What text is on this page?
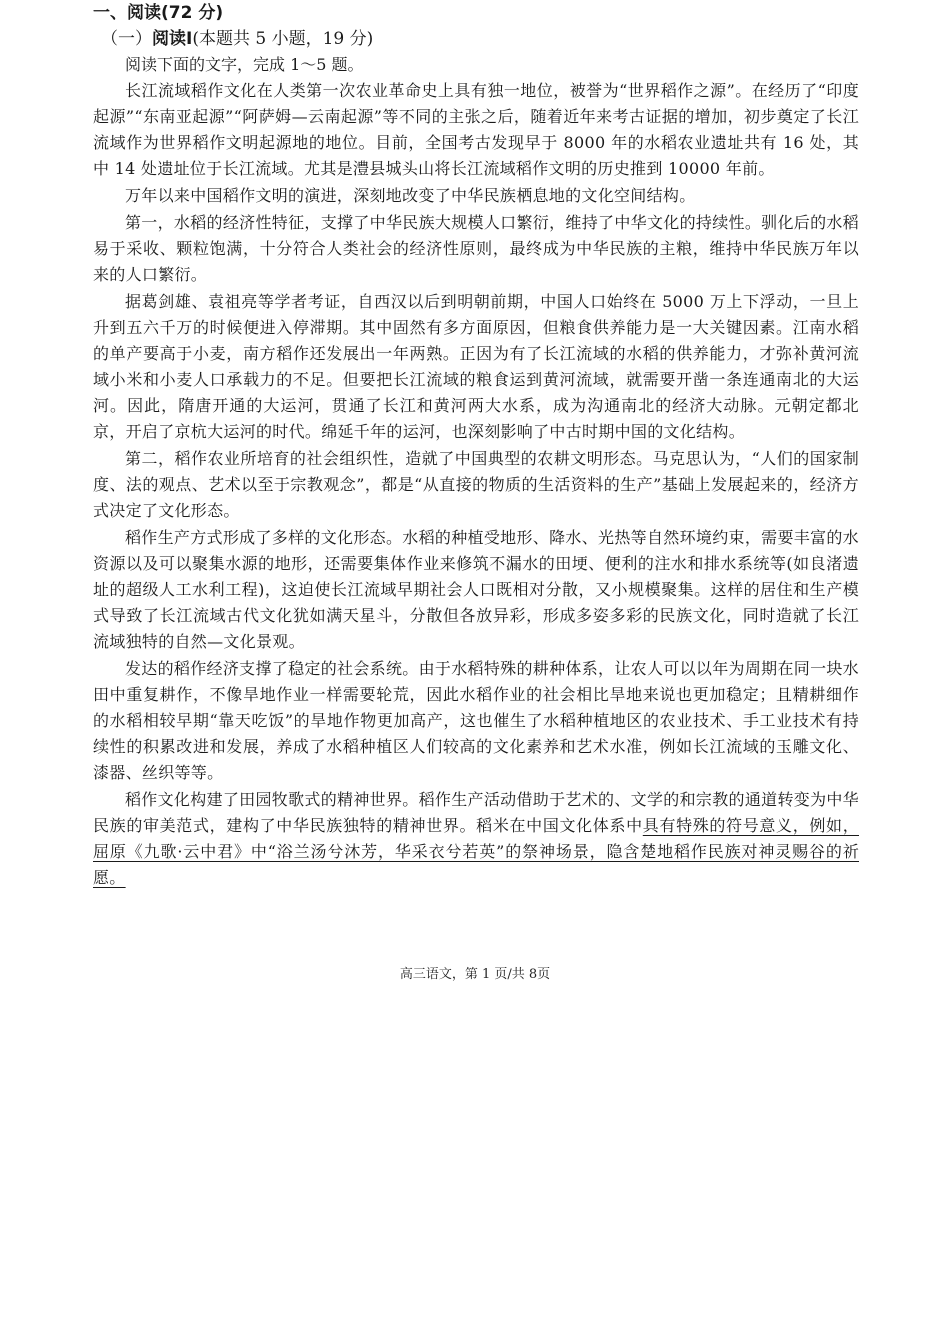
一、阅读(72 分)

（一）阅读Ⅰ(本题共 5 小题，19 分)

阅读下面的文字，完成 1～5 题。

长江流域稻作文化在人类第一次农业革命史上具有独一地位，被誉为“世界稻作之源”。在经历了“印度起源”“东南亚起源”“阿萨姆—云南起源”等不同的主张之后，随着近年来考古证据的增加，初步奠定了长江流域作为世界稻作文明起源地的地位。目前，全国考古发现早于 8000 年的水稻农业遗址共有 16 处，其中 14 处遗址位于长江流域。尤其是澧县城头山将长江流域稻作文明的历史推到 10000 年前。

万年以来中国稻作文明的演进，深刻地改变了中华民族栖息地的文化空间结构。

第一，水稻的经济性特征，支撑了中华民族大规模人口繁衍，维持了中华文化的持续性。驯化后的水稻易于采收、颗粒饱满，十分符合人类社会的经济性原则，最终成为中华民族的主粮，维持中华民族万年以来的人口繁衍。

据葛剑雄、袁祖亮等学者考证，自西汉以后到明朝前期，中国人口始终在 5000 万上下浮动，一旦上升到五六千万的时候便进入停滞期。其中固然有多方面原因，但粮食供养能力是一大关键因素。江南水稻的单产要高于小麦，南方稻作还发展出一年两熟。正因为有了长江流域的水稻的供养能力，才弥补黄河流域小米和小麦人口承载力的不足。但要把长江流域的粮食运到黄河流域，就需要开凿一条连通南北的大运河。因此，隋唐开通的大运河，贯通了长江和黄河两大水系，成为沟通南北的经济大动脉。元朝定都北京，开启了京杭大运河的时代。绵延千年的运河，也深刻影响了中古时期中国的文化结构。

第二，稻作农业所培育的社会组织性，造就了中国典型的农耕文明形态。马克思认为，“人们的国家制度、法的观点、艺术以至于宗教观念”，都是“从直接的物质的生活资料的生产”基础上发展起来的，经济方式决定了文化形态。

稻作生产方式形成了多样的文化形态。水稻的种植受地形、降水、光热等自然环境约束，需要丰富的水资源以及可以聚集水源的地形，还需要集体作业来修筑不漏水的田埂、便利的注水和排水系统等(如良渚遗址的超级人工水利工程)，这迫使长江流域早期社会人口既相对分散，又小规模聚集。这样的居住和生产模式导致了长江流域古代文化犹如满天星斗，分散但各放异彩，形成多姿多彩的民族文化，同时造就了长江流域独特的自然—文化景观。

发达的稻作经济支撑了稳定的社会系统。由于水稻特殊的耕种体系，让农人可以以年为周期在同一块水田中重复耕作，不像旱地作业一样需要轮荒，因此水稻作业的社会相比旱地来说也更加稳定；且精耕细作的水稻相较早期“靠天吃饭”的旱地作物更加高产，这也催生了水稻种植地区的农业技术、手工业技术有持续性的积累改进和发展，养成了水稻种植区人们较高的文化素养和艺术水准，例如长江流域的玉雕文化、漆器、丝织等等。

稻作文化构建了田园牧歌式的精神世界。稻作生产活动借助于艺术的、文学的和宗教的通道转变为中华民族的审美范式，建构了中华民族独特的精神世界。稻米在中国文化体系中具有特殊的符号意义，例如，屈原《九歌·云中君》中“浴兰汤兮沐芳，华采衣兮若英”的祭神场景，隐含楚地稻作民族对神灵赐谷的祈愿。

高三语文，第 1 页/共 8页
